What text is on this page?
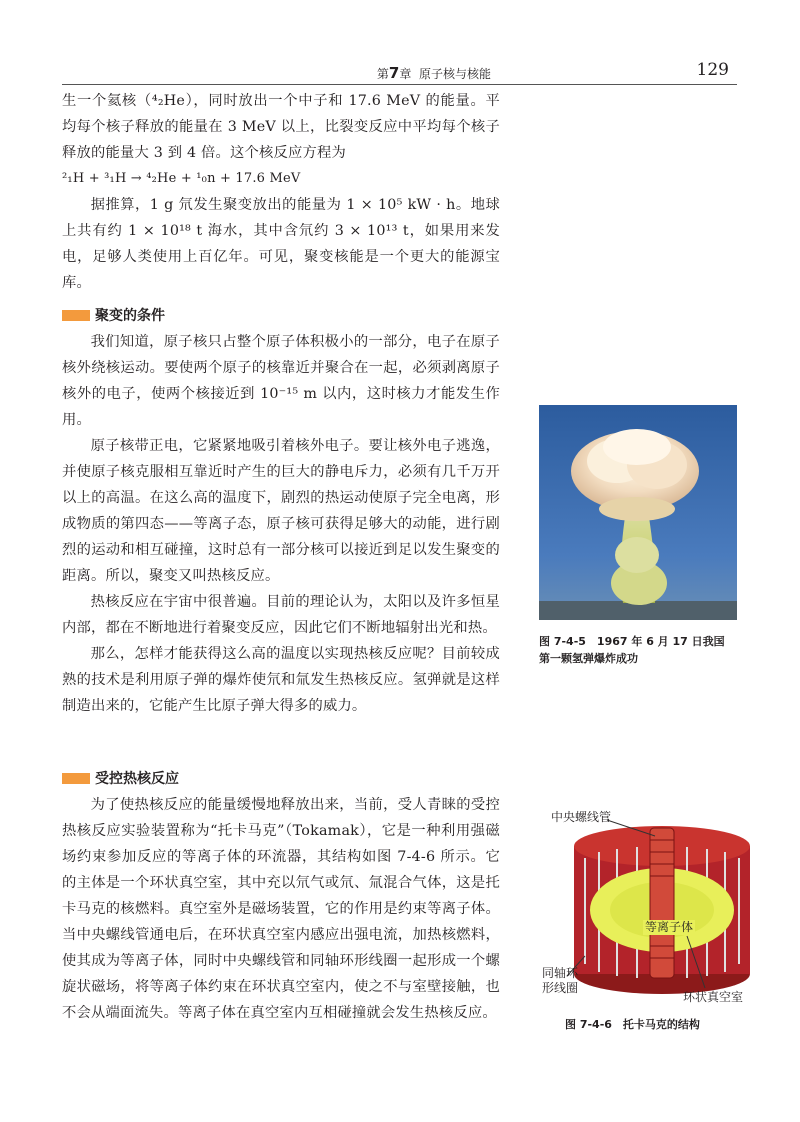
第7章 原子核与核能	129

生一个氦核（⁴₂He），同时放出一个中子和 17.6 MeV 的能量。平均每个核子释放的能量在 3 MeV 以上，比裂变反应中平均每个核子释放的能量大 3 到 4 倍。这个核反应方程为

²₁H + ³₁H → ⁴₂He + ¹₀n + 17.6 MeV

据推算，1 g 氘发生聚变放出的能量为 1 × 10⁵ kW · h。地球上共有约 1 × 10¹⁸ t 海水，其中含氘约 3 × 10¹³ t，如果用来发电，足够人类使用上百亿年。可见，聚变核能是一个更大的能源宝库。

聚变的条件

我们知道，原子核只占整个原子体积极小的一部分，电子在原子核外绕核运动。要使两个原子的核靠近并聚合在一起，必须剥离原子核外的电子，使两个核接近到 10⁻¹⁵ m 以内，这时核力才能发生作用。

原子核带正电，它紧紧地吸引着核外电子。要让核外电子逃逸，并使原子核克服相互靠近时产生的巨大的静电斥力，必须有几千万开以上的高温。在这么高的温度下，剧烈的热运动使原子完全电离，形成物质的第四态——等离子态，原子核可获得足够大的动能，进行剧烈的运动和相互碰撞，这时总有一部分核可以接近到足以发生聚变的距离。所以，聚变又叫热核反应。

热核反应在宇宙中很普遍。目前的理论认为，太阳以及许多恒星内部，都在不断地进行着聚变反应，因此它们不断地辐射出光和热。

那么，怎样才能获得这么高的温度以实现热核反应呢？目前较成熟的技术是利用原子弹的爆炸使氘和氚发生热核反应。氢弹就是这样制造出来的，它能产生比原子弹大得多的威力。

受控热核反应

为了使热核反应的能量缓慢地释放出来，当前，受人青睐的受控热核反应实验装置称为“托卡马克”（Tokamak），它是一种利用强磁场约束参加反应的等离子体的环流器，其结构如图 7-4-6 所示。它的主体是一个环状真空室，其中充以氘气或氘、氚混合气体，这是托卡马克的核燃料。真空室外是磁场装置，它的作用是约束等离子体。当中央螺线管通电后，在环状真空室内感应出强电流，加热核燃料，使其成为等离子体，同时中央螺线管和同轴环形线圈一起形成一个螺旋状磁场，将等离子体约束在环状真空室内，使之不与室壁接触，也不会从端面流失。等离子体在真空室内互相碰撞就会发生热核反应。

图 7-4-5　1967 年 6 月 17 日我国
第一颗氢弹爆炸成功
中央螺线管
等离子体
同轴环
形线圈
环状真空室
图 7-4-6　托卡马克的结构
